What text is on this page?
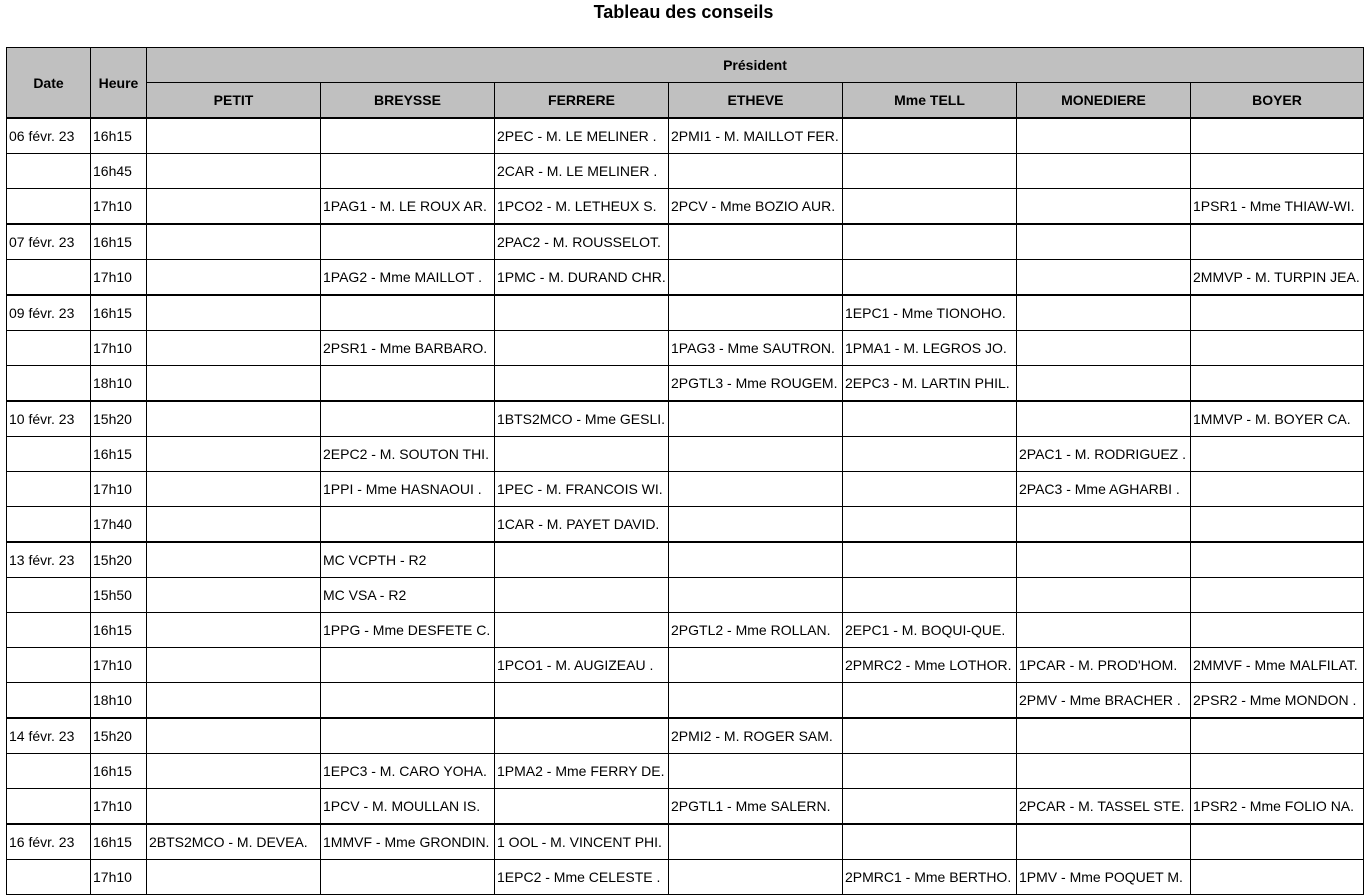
Tableau des conseils
Date	Heure	Président						
		PETIT	BREYSSE	FERRERE	ETHEVE	Mme TELL	MONEDIERE	BOYER
06 févr. 23	16h15			2PEC - M. LE MELINER .	2PMI1 - M. MAILLOT FER.			
	16h45			2CAR - M. LE MELINER .				
	17h10		1PAG1 - M. LE ROUX AR.	1PCO2 - M. LETHEUX S.	2PCV - Mme BOZIO AUR.			1PSR1 - Mme THIAW-WI.
07 févr. 23	16h15			2PAC2 - M. ROUSSELOT.				
	17h10		1PAG2 - Mme MAILLOT .	1PMC - M. DURAND CHR.				2MMVP - M. TURPIN JEA.
09 févr. 23	16h15					1EPC1 - Mme TIONOHO.		
	17h10		2PSR1 - Mme BARBARO.		1PAG3 - Mme SAUTRON.	1PMA1 - M. LEGROS JO.		
	18h10				2PGTL3 - Mme ROUGEM.	2EPC3 - M. LARTIN PHIL.		
10 févr. 23	15h20			1BTS2MCO - Mme GESLI.				1MMVP - M. BOYER CA.
	16h15		2EPC2 - M. SOUTON THI.				2PAC1 - M. RODRIGUEZ .	
	17h10		1PPI - Mme HASNAOUI .	1PEC - M. FRANCOIS WI.			2PAC3 - Mme AGHARBI .	
	17h40			1CAR - M. PAYET DAVID.				
13 févr. 23	15h20		MC VCPTH - R2					
	15h50		MC VSA - R2					
	16h15		1PPG - Mme DESFETE C.		2PGTL2 - Mme ROLLAN.	2EPC1 - M. BOQUI-QUE.		
	17h10			1PCO1 - M. AUGIZEAU .		2PMRC2 - Mme LOTHOR.	1PCAR - M. PROD'HOM.	2MMVF - Mme MALFILAT.
	18h10						2PMV - Mme BRACHER .	2PSR2 - Mme MONDON .
14 févr. 23	15h20				2PMI2 - M. ROGER SAM.			
	16h15		1EPC3 - M. CARO YOHA.	1PMA2 - Mme FERRY DE.				
	17h10		1PCV - M. MOULLAN IS.		2PGTL1 - Mme SALERN.		2PCAR - M. TASSEL STE.	1PSR2 - Mme FOLIO NA.
16 févr. 23	16h15	2BTS2MCO - M. DEVEA.	1MMVF - Mme GRONDIN.	1 OOL - M. VINCENT PHI.				
	17h10			1EPC2 - Mme CELESTE .		2PMRC1 - Mme BERTHO.	1PMV - Mme POQUET M.	
